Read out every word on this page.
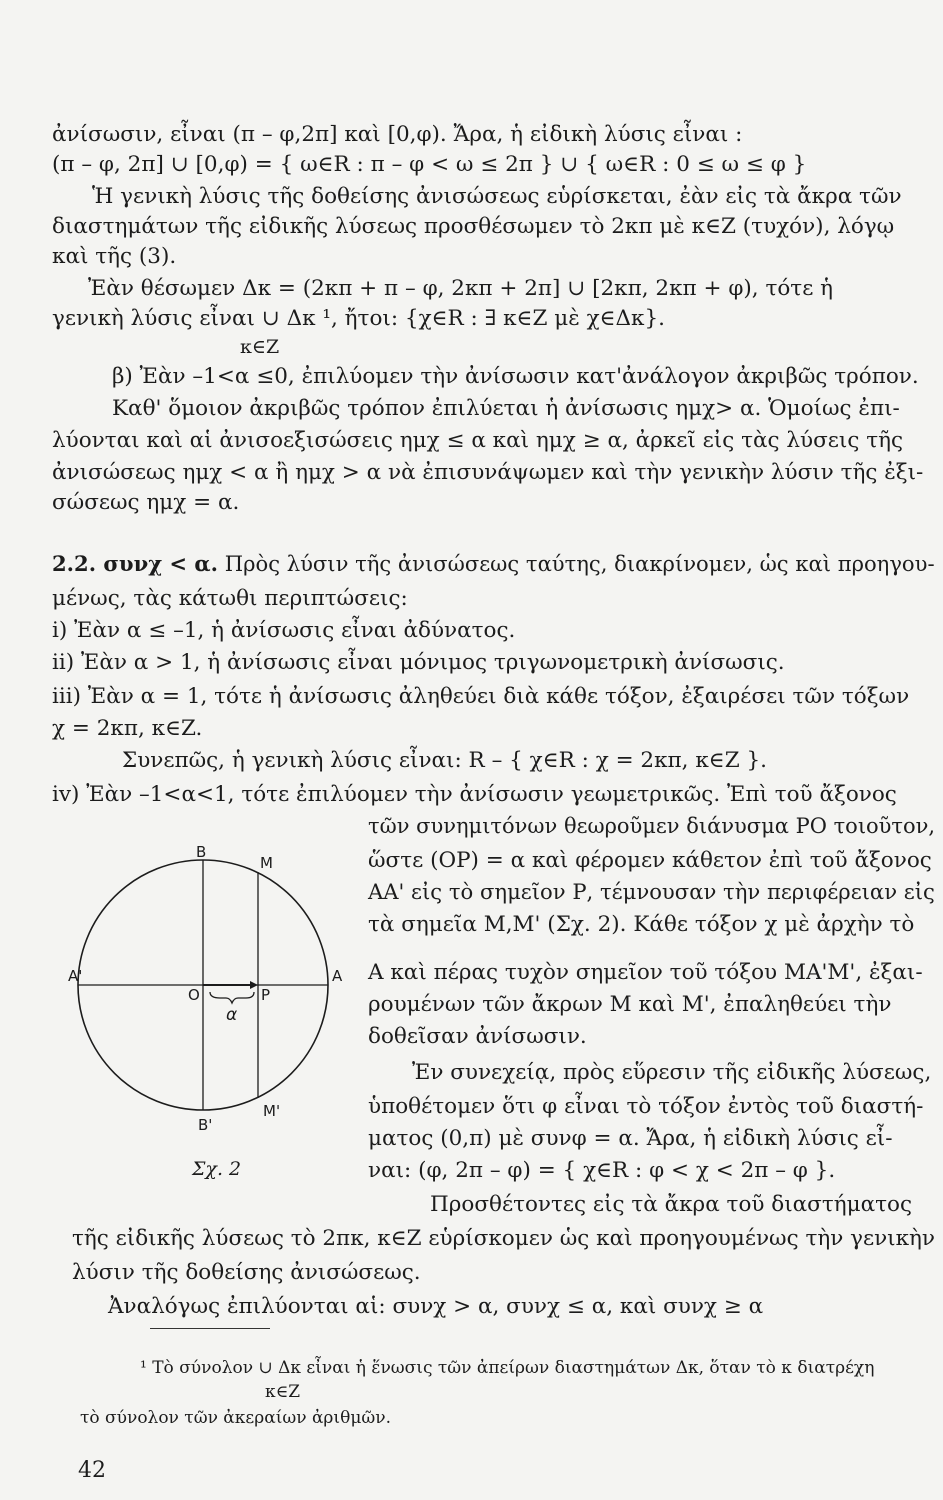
ἀνίσωσιν, εἶναι (π – φ,2π] καὶ [0,φ). Ἄρα, ἡ εἰδικὴ λύσις εἶναι :
(π – φ, 2π] ∪ [0,φ) = { ω∈R : π – φ < ω ≤ 2π } ∪ { ω∈R : 0 ≤ ω ≤ φ }
Ἡ γενικὴ λύσις τῆς δοθείσης ἀνισώσεως εὑρίσκεται, ἐὰν εἰς τὰ ἄκρα τῶν
διαστημάτων τῆς εἰδικῆς λύσεως προσθέσωμεν τὸ 2κπ μὲ κ∈Z (τυχόν), λόγῳ
καὶ τῆς (3).
Ἐὰν θέσωμεν Δκ = (2κπ + π – φ, 2κπ + 2π] ∪ [2κπ, 2κπ + φ), τότε ἡ
γενικὴ λύσις εἶναι ∪ Δκ ¹, ἤτοι: {χ∈R : ∃ κ∈Z μὲ χ∈Δκ}.
κ∈Z
β) Ἐὰν –1<α ≤0, ἐπιλύομεν τὴν ἀνίσωσιν κατ'ἀνάλογον ἀκριβῶς τρόπον.
Καθ' ὅμοιον ἀκριβῶς τρόπον ἐπιλύεται ἡ ἀνίσωσις ημχ> α. Ὁμοίως ἐπι-
λύονται καὶ αἱ ἀνισοεξισώσεις ημχ ≤ α καὶ ημχ ≥ α, ἀρκεῖ εἰς τὰς λύσεις τῆς
ἀνισώσεως ημχ < α ἢ ημχ > α νὰ ἐπισυνάψωμεν καὶ τὴν γενικὴν λύσιν τῆς ἐξι-
σώσεως ημχ = α.
2.2. συνχ < α. Πρὸς λύσιν τῆς ἀνισώσεως ταύτης, διακρίνομεν, ὡς καὶ προηγου-
μένως, τὰς κάτωθι περιπτώσεις:
i) Ἐὰν α ≤ –1, ἡ ἀνίσωσις εἶναι ἀδύνατος.
ii) Ἐὰν α > 1, ἡ ἀνίσωσις εἶναι μόνιμος τριγωνομετρικὴ ἀνίσωσις.
iii) Ἐὰν α = 1, τότε ἡ ἀνίσωσις ἀληθεύει διὰ κάθε τόξον, ἐξαιρέσει τῶν τόξων
χ = 2κπ, κ∈Z.
Συνεπῶς, ἡ γενικὴ λύσις εἶναι: R – { χ∈R : χ = 2κπ, κ∈Z }.
iv) Ἐὰν –1<α<1, τότε ἐπιλύομεν τὴν ἀνίσωσιν γεωμετρικῶς. Ἐπὶ τοῦ ἄξονος
τῶν συνημιτόνων θεωροῦμεν διάνυσμα ΡΟ τοιοῦτον,
ὥστε (ΟΡ) = α καὶ φέρομεν κάθετον ἐπὶ τοῦ ἄξονος
ΑΑ' εἰς τὸ σημεῖον Ρ, τέμνουσαν τὴν περιφέρειαν εἰς
τὰ σημεῖα Μ,Μ' (Σχ. 2). Κάθε τόξον χ μὲ ἀρχὴν τὸ
Α καὶ πέρας τυχὸν σημεῖον τοῦ τόξου ΜΑ'Μ', ἐξαι-
ρουμένων τῶν ἄκρων Μ καὶ Μ', ἐπαληθεύει τὴν
δοθεῖσαν ἀνίσωσιν.
Ἐν συνεχείᾳ, πρὸς εὕρεσιν τῆς εἰδικῆς λύσεως,
ὑποθέτομεν ὅτι φ εἶναι τὸ τόξον ἐντὸς τοῦ διαστή-
ματος (0,π) μὲ συνφ = α. Ἄρα, ἡ εἰδικὴ λύσις εἶ-
ναι: (φ, 2π – φ) = { χ∈R : φ < χ < 2π – φ }.
Προσθέτοντες εἰς τὰ ἄκρα τοῦ διαστήματος
τῆς εἰδικῆς λύσεως τὸ 2πκ, κ∈Z εὑρίσκομεν ὡς καὶ προηγουμένως τὴν γενικὴν
λύσιν τῆς δοθείσης ἀνισώσεως.
Ἀναλόγως ἐπιλύονται αἱ: συνχ > α, συνχ ≤ α, καὶ συνχ ≥ α
B
M
A'	A
O	P
α
B'
M'
Σχ. 2
¹ Τὸ σύνολον ∪ Δκ εἶναι ἡ ἕνωσις τῶν ἀπείρων διαστημάτων Δκ, ὅταν τὸ κ διατρέχη
κ∈Z
τὸ σύνολον τῶν ἀκεραίων ἀριθμῶν.
42
